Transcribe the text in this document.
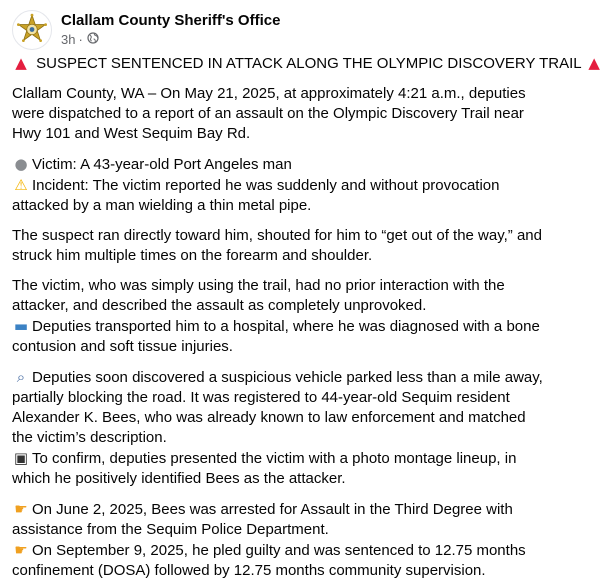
Clallam County Sheriff's Office
3h ·
▲ SUSPECT SENTENCED IN ATTACK ALONG THE OLYMPIC DISCOVERY TRAIL ▲

Clallam County, WA – On May 21, 2025, at approximately 4:21 a.m., deputies were dispatched to a report of an assault on the Olympic Discovery Trail near Hwy 101 and West Sequim Bay Rd.

● Victim: A 43-year-old Port Angeles man

⚠ Incident: The victim reported he was suddenly and without provocation attacked by a man wielding a thin metal pipe.

The suspect ran directly toward him, shouted for him to “get out of the way,” and struck him multiple times on the forearm and shoulder.

The victim, who was simply using the trail, had no prior interaction with the attacker, and described the assault as completely unprovoked.

▬ Deputies transported him to a hospital, where he was diagnosed with a bone contusion and soft tissue injuries.

⌕ Deputies soon discovered a suspicious vehicle parked less than a mile away, partially blocking the road. It was registered to 44-year-old Sequim resident Alexander K. Bees, who was already known to law enforcement and matched the victim’s description.

▣ To confirm, deputies presented the victim with a photo montage lineup, in which he positively identified Bees as the attacker.

☛ On June 2, 2025, Bees was arrested for Assault in the Third Degree with assistance from the Sequim Police Department.

☛ On September 9, 2025, he pled guilty and was sentenced to 12.75 months confinement (DOSA) followed by 12.75 months community supervision.
